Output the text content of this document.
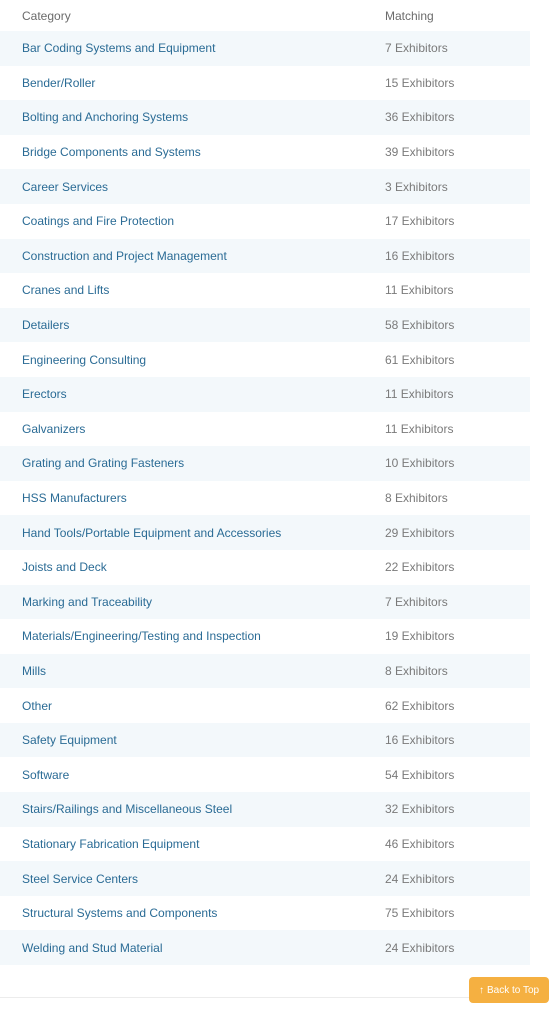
Category	Matching
Bar Coding Systems and Equipment	7 Exhibitors
Bender/Roller	15 Exhibitors
Bolting and Anchoring Systems	36 Exhibitors
Bridge Components and Systems	39 Exhibitors
Career Services	3 Exhibitors
Coatings and Fire Protection	17 Exhibitors
Construction and Project Management	16 Exhibitors
Cranes and Lifts	11 Exhibitors
Detailers	58 Exhibitors
Engineering Consulting	61 Exhibitors
Erectors	11 Exhibitors
Galvanizers	11 Exhibitors
Grating and Grating Fasteners	10 Exhibitors
HSS Manufacturers	8 Exhibitors
Hand Tools/Portable Equipment and Accessories	29 Exhibitors
Joists and Deck	22 Exhibitors
Marking and Traceability	7 Exhibitors
Materials/Engineering/Testing and Inspection	19 Exhibitors
Mills	8 Exhibitors
Other	62 Exhibitors
Safety Equipment	16 Exhibitors
Software	54 Exhibitors
Stairs/Railings and Miscellaneous Steel	32 Exhibitors
Stationary Fabrication Equipment	46 Exhibitors
Steel Service Centers	24 Exhibitors
Structural Systems and Components	75 Exhibitors
Welding and Stud Material	24 Exhibitors
↑ Back to Top
